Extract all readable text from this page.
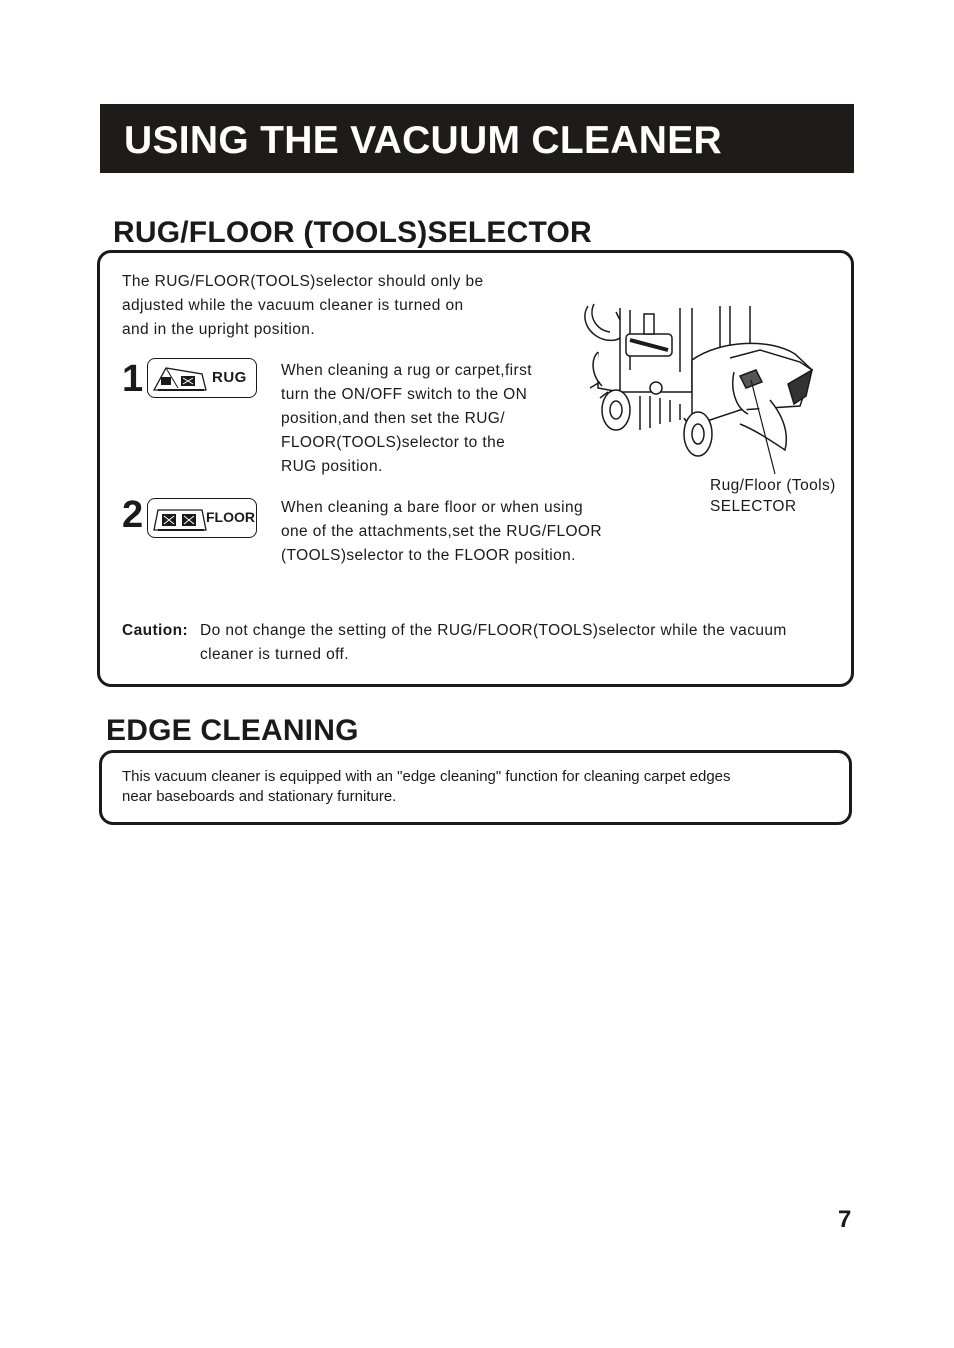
USING THE VACUUM CLEANER
RUG/FLOOR (TOOLS)SELECTOR
The RUG/FLOOR(TOOLS)selector should only be
adjusted while the vacuum cleaner is turned on
and in the upright position.
1	RUG When cleaning a rug or carpet,first
turn the ON/OFF switch to the ON
position,and then set the RUG/
FLOOR(TOOLS)selector to the
RUG position.
2	FLOOR
When cleaning a bare floor or when using
one of the attachments,set the RUG/FLOOR
(TOOLS)selector to the FLOOR position.
Rug/Floor (Tools)
SELECTOR
Caution: Do not change the setting of the RUG/FLOOR(TOOLS)selector while the vacuum
cleaner is turned off.
EDGE CLEANING
This vacuum cleaner is equipped with an "edge cleaning" function for cleaning carpet edges
near baseboards and stationary furniture.
7
